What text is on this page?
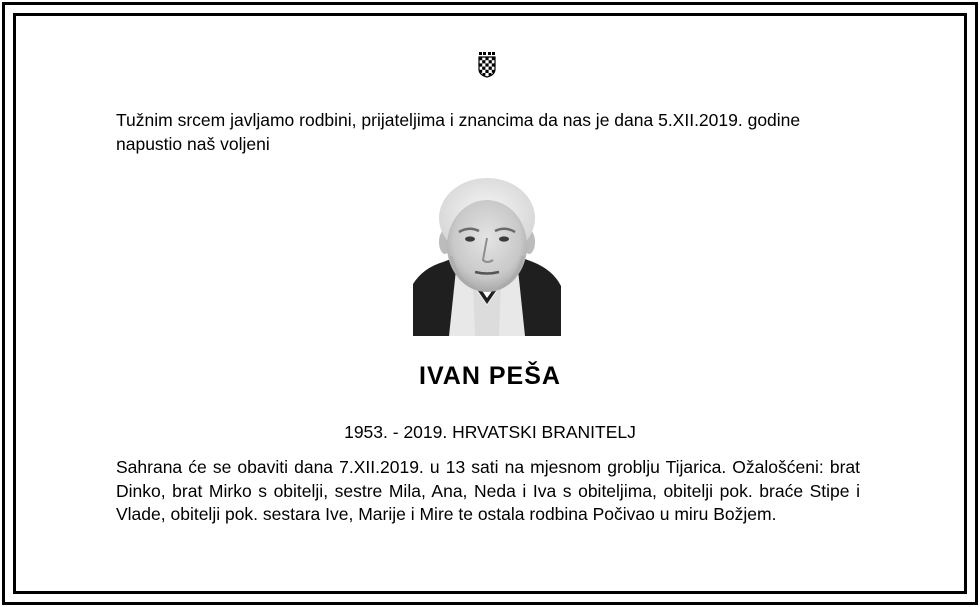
Tužnim srcem javljamo rodbini, prijateljima i znancima da nas je dana 5.XII.2019. godine napustio naš voljeni

IVAN PEŠA

1953. - 2019. HRVATSKI BRANITELJ

Sahrana će se obaviti dana 7.XII.2019. u 13 sati na mjesnom groblju Tijarica. Ožalošćeni: brat Dinko, brat Mirko s obitelji, sestre Mila, Ana, Neda i Iva s obiteljima, obitelji pok. braće Stipe i Vlade, obitelji pok. sestara Ive, Marije i Mire te ostala rodbina Počivao u miru Božjem.
